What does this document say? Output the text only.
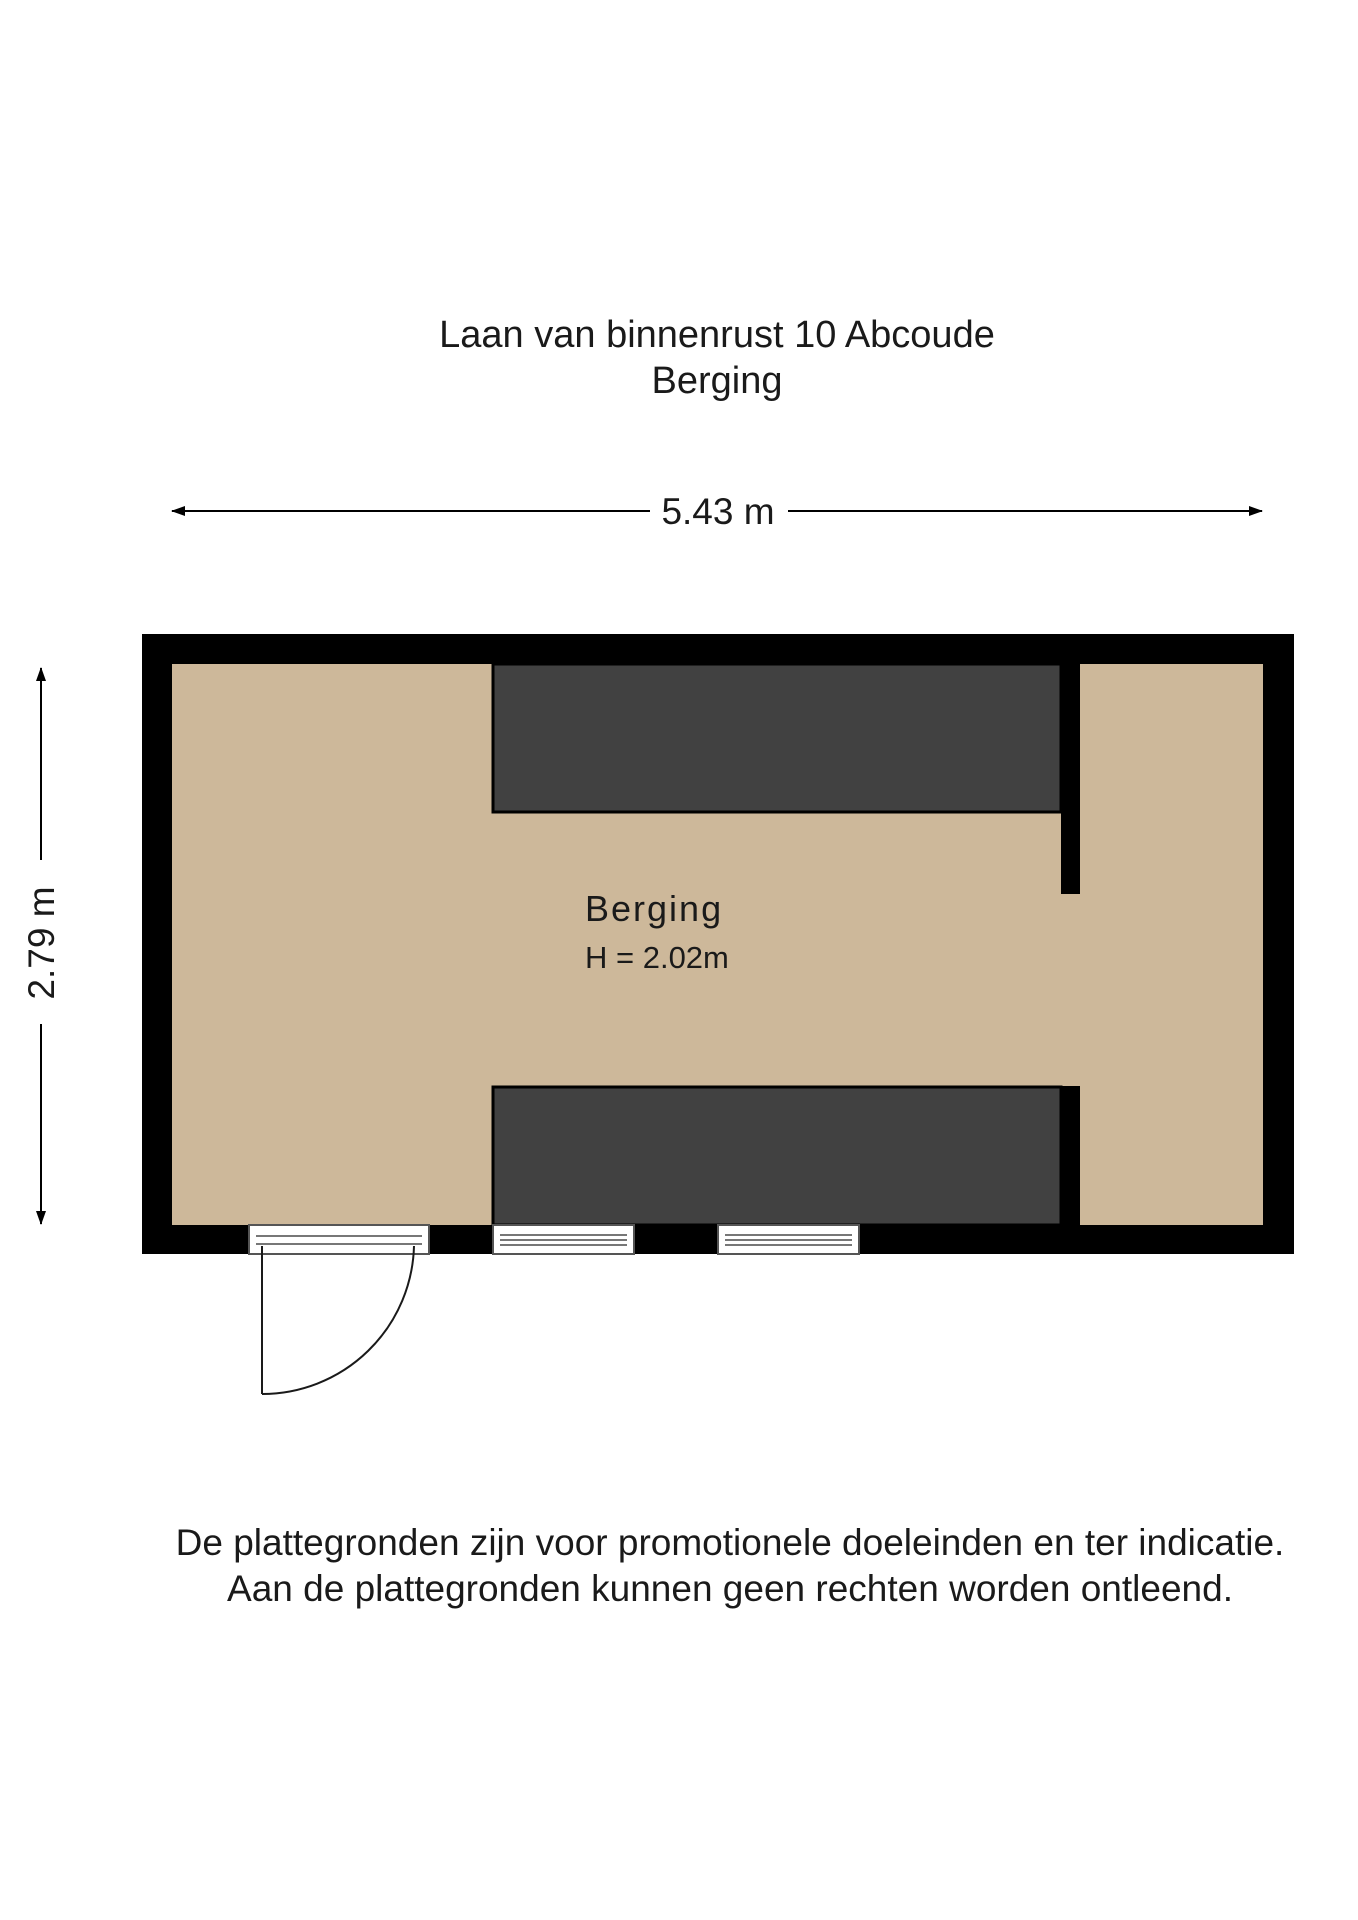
Laan van binnenrust 10 Abcoude
Berging
5.43 m
2.79 m	Berging
H = 2.02m
De plattegronden zijn voor promotionele doeleinden en ter indicatie.
Aan de plattegronden kunnen geen rechten worden ontleend.
